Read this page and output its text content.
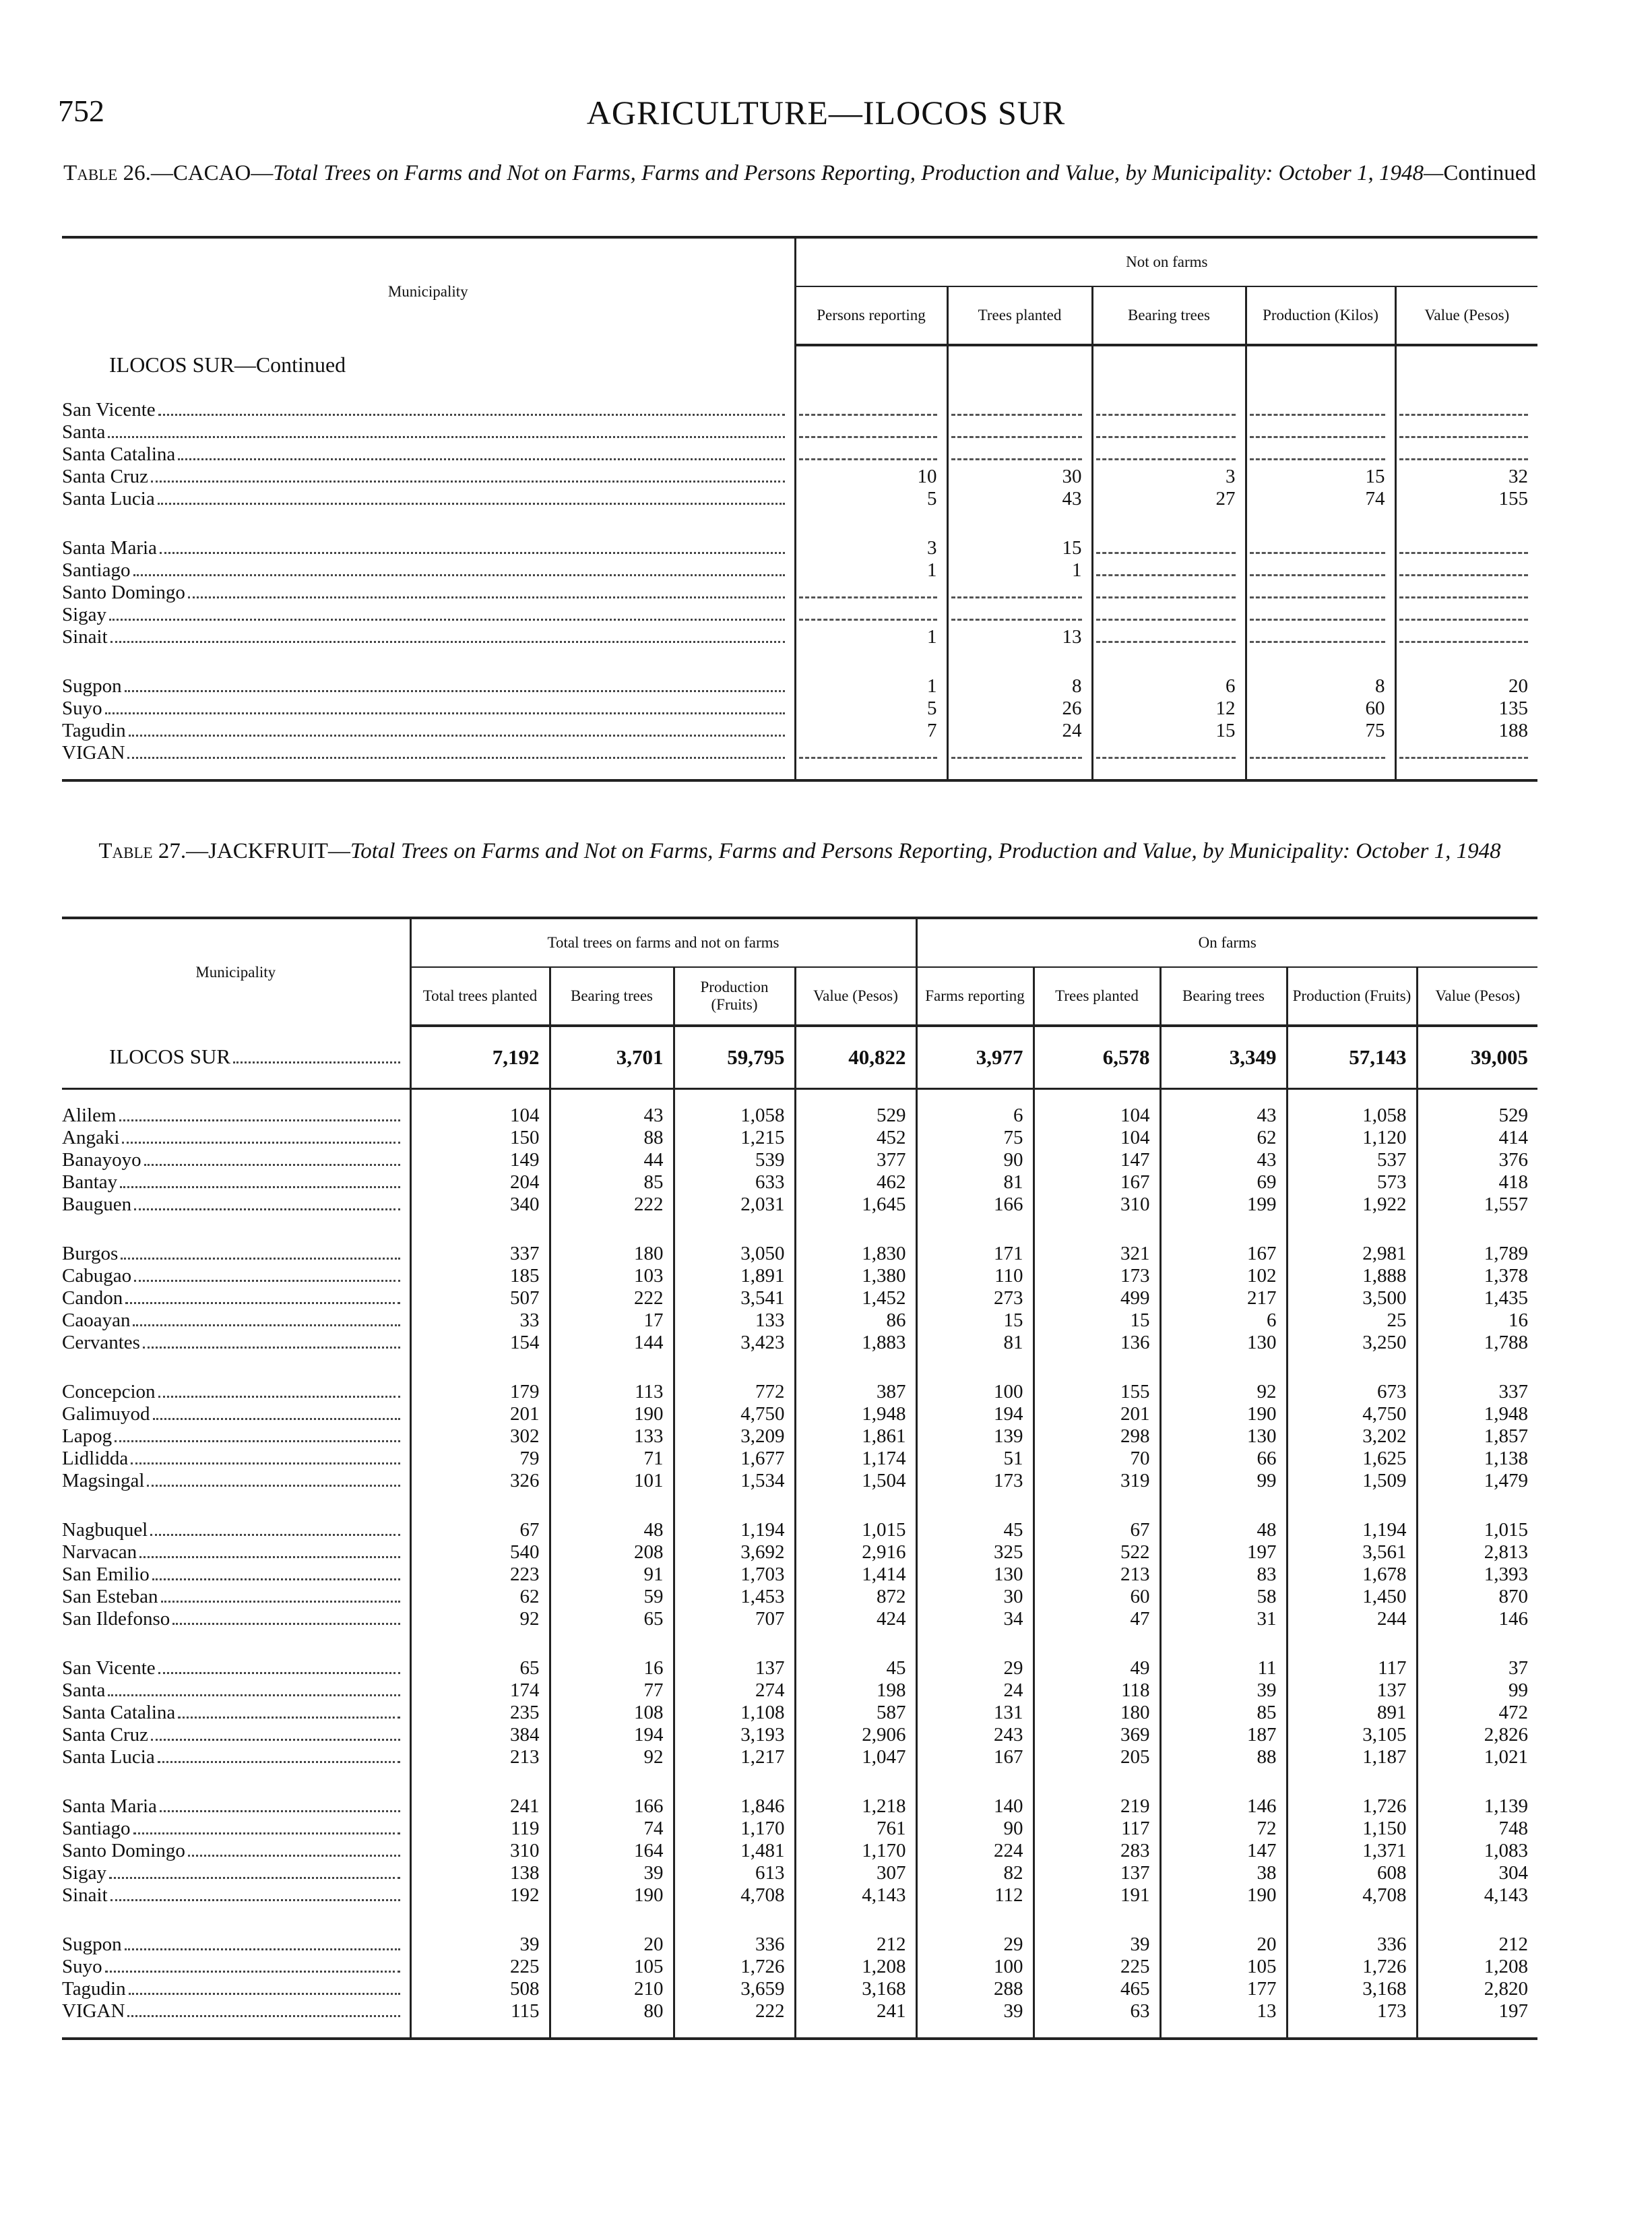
752	AGRICULTURE—ILOCOS SUR
Table 26.—CACAO—Total Trees on Farms and Not on Farms, Farms and Persons Reporting, Production and Value, by Municipality: October 1, 1948—Continued
Municipality	Not on farms				
	Persons reporting	Trees planted	Bearing trees	Production (Kilos)	Value (Pesos)
ILOCOS SUR—Continued					

San Vicente					

Santa					

Santa Catalina					

Santa Cruz	10	30	3	15	32

Santa Lucia	5	43	27	74	155

Santa Maria	3	15	

Santiago	1	1	

Santo Domingo					

Sigay					

Sinait	1	13	

Sugpon	1	8	6	8	20

Suyo	5	26	12	60	135

Tagudin	7	24	15	75	188

VIGAN					

Table 27.—JACKFRUIT—Total Trees on Farms and Not on Farms, Farms and Persons Reporting, Production and Value, by Municipality: October 1, 1948
Municipality	Total trees on farms and not on farms				On farms				
	Total trees planted	Bearing trees	Production (Fruits)	Value (Pesos)	Farms reporting	Trees planted	Bearing trees	Production (Fruits)	Value (Pesos)

ILOCOS SUR	7,192	3,701	59,795	40,822	3,977	6,578	3,349	57,143	39,005

Alilem	104	43	1,058	529	6	104	43	1,058	529

Angaki	150	88	1,215	452	75	104	62	1,120	414

Banayoyo	149	44	539	377	90	147	43	537	376

Bantay	204	85	633	462	81	167	69	573	418

Bauguen	340	222	2,031	1,645	166	310	199	1,922	1,557

Burgos	337	180	3,050	1,830	171	321	167	2,981	1,789

Cabugao	185	103	1,891	1,380	110	173	102	1,888	1,378

Candon	507	222	3,541	1,452	273	499	217	3,500	1,435

Caoayan	33	17	133	86	15	15	6	25	16

Cervantes	154	144	3,423	1,883	81	136	130	3,250	1,788

Concepcion	179	113	772	387	100	155	92	673	337

Galimuyod	201	190	4,750	1,948	194	201	190	4,750	1,948

Lapog	302	133	3,209	1,861	139	298	130	3,202	1,857

Lidlidda	79	71	1,677	1,174	51	70	66	1,625	1,138

Magsingal	326	101	1,534	1,504	173	319	99	1,509	1,479

Nagbuquel	67	48	1,194	1,015	45	67	48	1,194	1,015

Narvacan	540	208	3,692	2,916	325	522	197	3,561	2,813

San Emilio	223	91	1,703	1,414	130	213	83	1,678	1,393

San Esteban	62	59	1,453	872	30	60	58	1,450	870

San Ildefonso	92	65	707	424	34	47	31	244	146

San Vicente	65	16	137	45	29	49	11	117	37

Santa	174	77	274	198	24	118	39	137	99

Santa Catalina	235	108	1,108	587	131	180	85	891	472

Santa Cruz	384	194	3,193	2,906	243	369	187	3,105	2,826

Santa Lucia	213	92	1,217	1,047	167	205	88	1,187	1,021

Santa Maria	241	166	1,846	1,218	140	219	146	1,726	1,139

Santiago	119	74	1,170	761	90	117	72	1,150	748

Santo Domingo	310	164	1,481	1,170	224	283	147	1,371	1,083

Sigay	138	39	613	307	82	137	38	608	304

Sinait	192	190	4,708	4,143	112	191	190	4,708	4,143

Sugpon	39	20	336	212	29	39	20	336	212

Suyo	225	105	1,726	1,208	100	225	105	1,726	1,208

Tagudin	508	210	3,659	3,168	288	465	177	3,168	2,820

VIGAN	115	80	222	241	39	63	13	173	197
